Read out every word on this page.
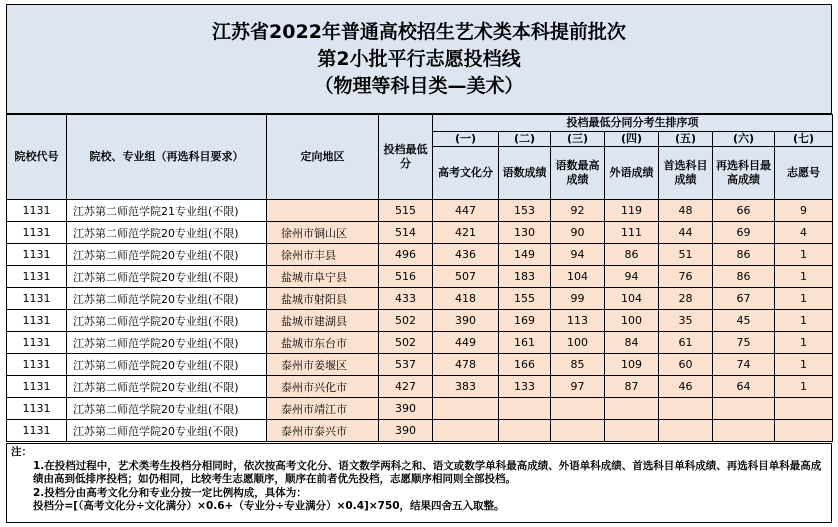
江苏省2022年普通高校招生艺术类本科提前批次
第2小批平行志愿投档线
（物理等科目类—美术）
院校代号	院校、专业组（再选科目要求）	定向地区	投档最低分	投档最低分同分考生排序项						
				(一)	(二)	(三)	(四)	(五)	(六)	(七)
				高考文化分	语数成绩	语数最高成绩	外语成绩	首选科目成绩	再选科目最高成绩	志愿号
1131	江苏第二师范学院21专业组(不限)		515	447	153	92	119	48	66	9
1131	江苏第二师范学院20专业组(不限)	徐州市铜山区	514	421	130	90	111	44	69	4
1131	江苏第二师范学院20专业组(不限)	徐州市丰县	496	436	149	94	86	51	86	1
1131	江苏第二师范学院20专业组(不限)	盐城市阜宁县	516	507	183	104	94	76	86	1
1131	江苏第二师范学院20专业组(不限)	盐城市射阳县	433	418	155	99	104	28	67	1
1131	江苏第二师范学院20专业组(不限)	盐城市建湖县	502	390	169	113	100	35	45	1
1131	江苏第二师范学院20专业组(不限)	盐城市东台市	502	449	161	100	84	61	75	1
1131	江苏第二师范学院20专业组(不限)	泰州市姜堰区	537	478	166	85	109	60	74	1
1131	江苏第二师范学院20专业组(不限)	泰州市兴化市	427	383	133	97	87	46	64	1
1131	江苏第二师范学院20专业组(不限)	泰州市靖江市	390							
1131	江苏第二师范学院20专业组(不限)	泰州市泰兴市	390							
注：
1.在投档过程中，艺术类考生投档分相同时，依次按高考文化分、语文数学两科之和、语文或数学单科最高成绩、外语单科成绩、首选科目单科成绩、再选科目单科最高成绩由高到低排序投档；如仍相同，比较考生志愿顺序，顺序在前者优先投档，志愿顺序相同则全部投档。
2.投档分由高考文化分和专业分按一定比例构成，具体为：
投档分=[（高考文化分÷文化满分）×0.6+（专业分÷专业满分）×0.4]×750，结果四舍五入取整。
